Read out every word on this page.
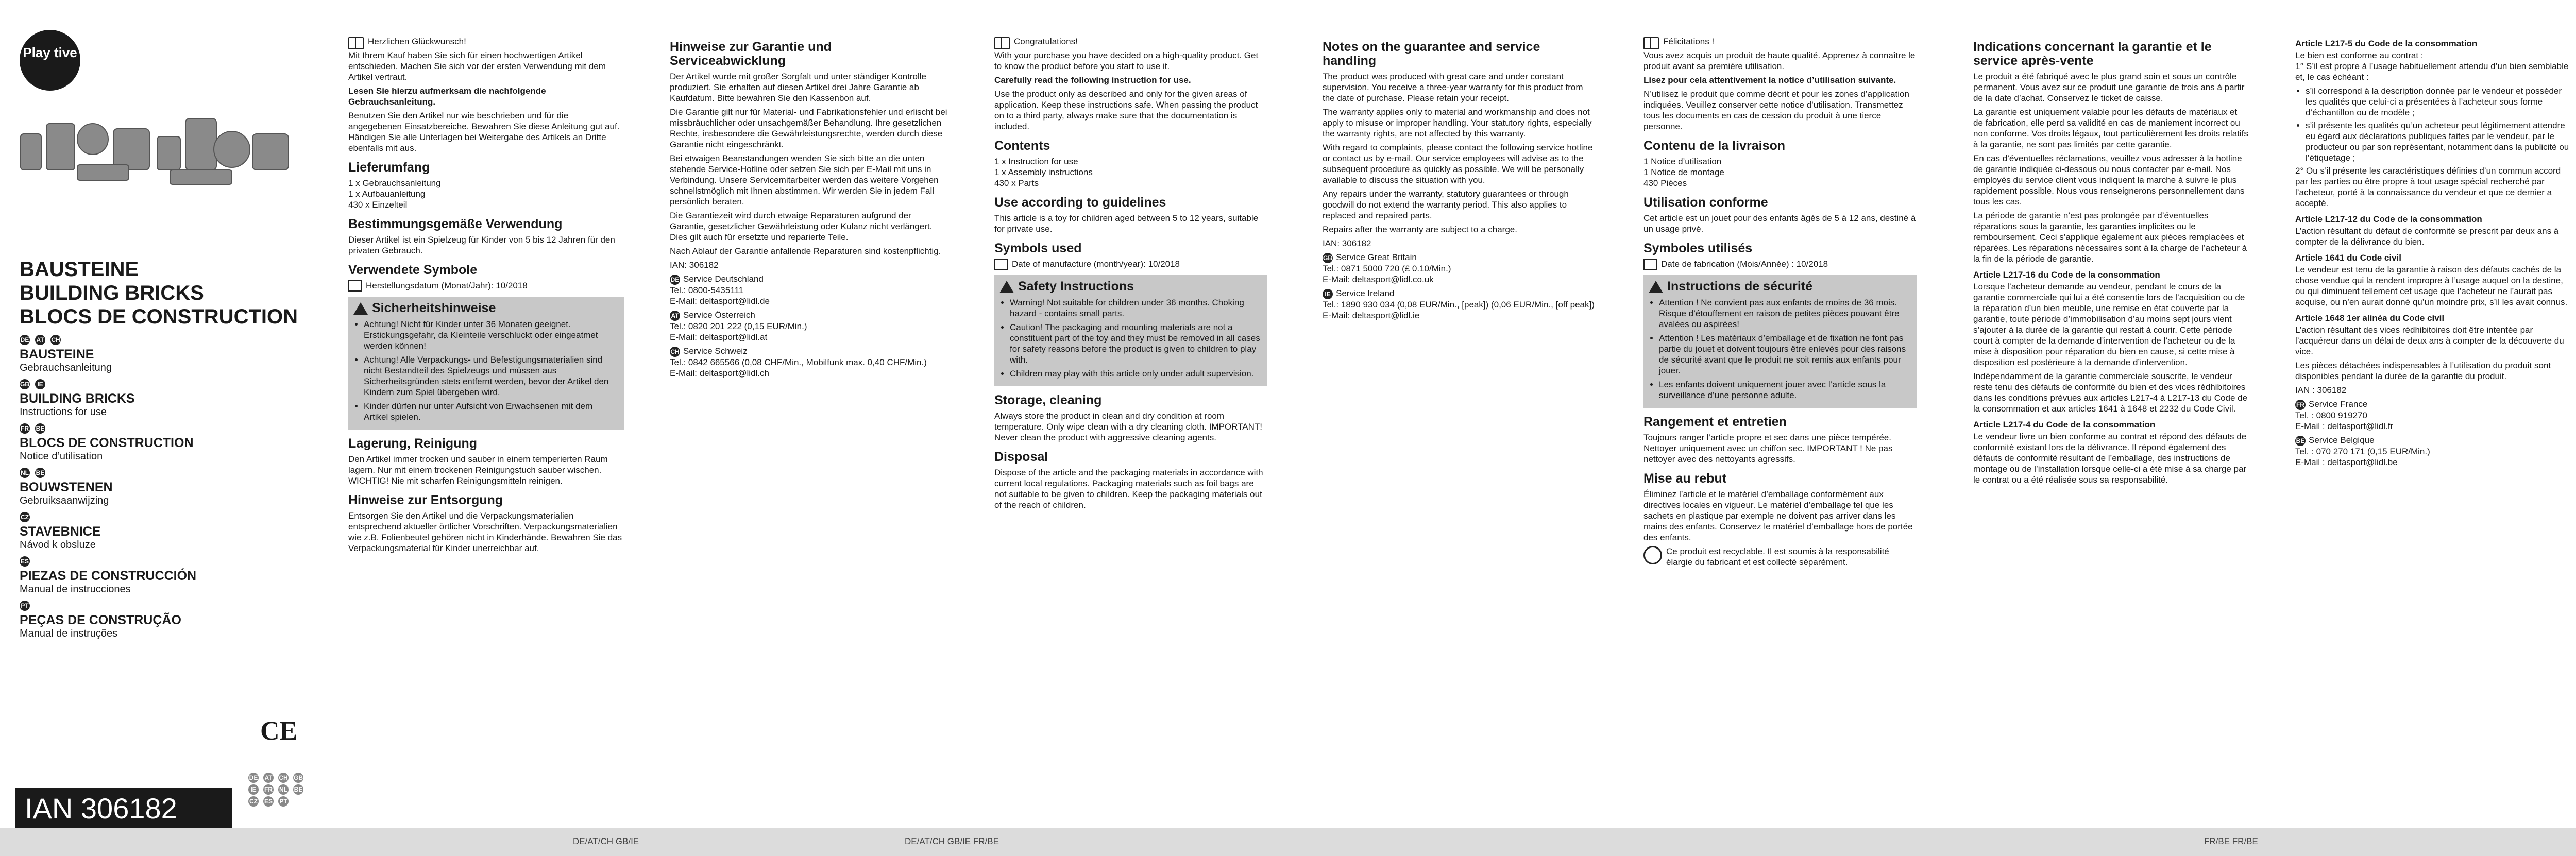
Play tive
BAUSTEINE
BUILDING BRICKS
BLOCS DE CONSTRUCTION
DE AT CH
BAUSTEINE
Gebrauchsanleitung
GB	IE
BUILDING BRICKS
Instructions for use
FR BE
BLOCS DE CONSTRUCTION
Notice d’utilisation
NL BE
BOUWSTENEN
Gebruiksaanwijzing
CZ
STAVEBNICE
Návod k obsluze
ES
PIEZAS DE CONSTRUCCIÓN
Manual de instrucciones
PT
PEÇAS DE CONSTRUÇÃO
Manual de instruções
CE
IAN 306182
DE AT CH GB
IE	FR NL BE
CZ ES PT
DE/AT/CH GB/IE	DE/AT/CH GB/IE FR/BE	FR/BE FR/BE

Herzlichen Glückwunsch!

Mit Ihrem Kauf haben Sie sich für einen hochwertigen Artikel entschieden. Machen Sie sich vor der ersten Verwendung mit dem Artikel vertraut.

Lesen Sie hierzu aufmerksam die nachfolgende Gebrauchsanleitung.

Benutzen Sie den Artikel nur wie beschrieben und für die angegebenen Einsatzbereiche. Bewahren Sie diese Anleitung gut auf. Händigen Sie alle Unterlagen bei Weitergabe des Artikels an Dritte ebenfalls mit aus.

Lieferumfang

1 x Gebrauchsanleitung

1 x Aufbauanleitung

430 x Einzelteil

Bestimmungsgemäße Verwendung

Dieser Artikel ist ein Spielzeug für Kinder von 5 bis 12 Jahren für den privaten Gebrauch.

Verwendete Symbole
Herstellungsdatum (Monat/Jahr): 10/2018
Sicherheitshinweise
• Achtung! Nicht für Kinder unter 36 Monaten geeignet. Erstickungsgefahr, da Kleinteile verschluckt oder eingeatmet werden können!
• Achtung! Alle Verpackungs- und Befestigungsmaterialien sind nicht Bestandteil des Spielzeugs und müssen aus Sicherheitsgründen stets entfernt werden, bevor der Artikel den Kindern zum Spiel übergeben wird.
• Kinder dürfen nur unter Aufsicht von Erwachsenen mit dem Artikel spielen.
Lagerung, Reinigung

Den Artikel immer trocken und sauber in einem temperierten Raum lagern. Nur mit einem trockenen Reinigungstuch sauber wischen. WICHTIG! Nie mit scharfen Reinigungsmitteln reinigen.

Hinweise zur Entsorgung

Entsorgen Sie den Artikel und die Verpackungsmaterialien entsprechend aktueller örtlicher Vorschriften. Verpackungsmaterialien wie z.B. Folienbeutel gehören nicht in Kinderhände. Bewahren Sie das Verpackungsmaterial für Kinder unerreichbar auf.

Hinweise zur Garantie und Serviceabwicklung

Der Artikel wurde mit großer Sorgfalt und unter ständiger Kontrolle produziert. Sie erhalten auf diesen Artikel drei Jahre Garantie ab Kaufdatum. Bitte bewahren Sie den Kassenbon auf.

Die Garantie gilt nur für Material- und Fabrikationsfehler und erlischt bei missbräuchlicher oder unsachgemäßer Behandlung. Ihre gesetzlichen Rechte, insbesondere die Gewährleistungsrechte, werden durch diese Garantie nicht eingeschränkt.

Bei etwaigen Beanstandungen wenden Sie sich bitte an die unten stehende Service-Hotline oder setzen Sie sich per E-Mail mit uns in Verbindung. Unsere Servicemitarbeiter werden das weitere Vorgehen schnellstmöglich mit Ihnen abstimmen. Wir werden Sie in jedem Fall persönlich beraten.

Die Garantiezeit wird durch etwaige Reparaturen aufgrund der Garantie, gesetzlicher Gewährleistung oder Kulanz nicht verlängert. Dies gilt auch für ersetzte und reparierte Teile.

Nach Ablauf der Garantie anfallende Reparaturen sind kostenpflichtig.

IAN: 306182

DE Service Deutschland
Tel.: 0800-5435111
E-Mail: deltasport@lidl.de
AT Service Österreich
Tel.: 0820 201 222 (0,15 EUR/Min.)
E-Mail: deltasport@lidl.at
CH Service Schweiz
Tel.: 0842 665566 (0,08 CHF/Min., Mobilfunk max. 0,40 CHF/Min.)
E-Mail: deltasport@lidl.ch

Congratulations!

With your purchase you have decided on a high-quality product. Get to know the product before you start to use it.

Carefully read the following instruction for use.

Use the product only as described and only for the given areas of application. Keep these instructions safe. When passing the product on to a third party, always make sure that the documentation is included.

Contents

1 x Instruction for use

1 x Assembly instructions

430 x Parts

Use according to guidelines

This article is a toy for children aged between 5 to 12 years, suitable for private use.

Symbols used
Date of manufacture (month/year): 10/2018
Safety Instructions
• Warning! Not suitable for children under 36 months. Choking hazard - contains small parts.
• Caution! The packaging and mounting materials are not a constituent part of the toy and they must be removed in all cases for safety reasons before the product is given to children to play with.
• Children may play with this article only under adult supervision.
Storage, cleaning

Always store the product in clean and dry condition at room temperature. Only wipe clean with a dry cleaning cloth. IMPORTANT! Never clean the product with aggressive cleaning agents.

Disposal

Dispose of the article and the packaging materials in accordance with current local regulations. Packaging materials such as foil bags are not suitable to be given to children. Keep the packaging materials out of the reach of children.

Notes on the guarantee and service handling

The product was produced with great care and under constant supervision. You receive a three-year warranty for this product from the date of purchase. Please retain your receipt.

The warranty applies only to material and workmanship and does not apply to misuse or improper handling. Your statutory rights, especially the warranty rights, are not affected by this warranty.

With regard to complaints, please contact the following service hotline or contact us by e-mail. Our service employees will advise as to the subsequent procedure as quickly as possible. We will be personally available to discuss the situation with you.

Any repairs under the warranty, statutory guarantees or through goodwill do not extend the warranty period. This also applies to replaced and repaired parts.

Repairs after the warranty are subject to a charge.

IAN: 306182

GB Service Great Britain
Tel.: 0871 5000 720 (£ 0.10/Min.)
E-Mail: deltasport@lidl.co.uk
IE Service Ireland
Tel.: 1890 930 034 (0,08 EUR/Min., [peak]) (0,06 EUR/Min., [off peak])
E-Mail: deltasport@lidl.ie

Félicitations !

Vous avez acquis un produit de haute qualité. Apprenez à connaître le produit avant sa première utilisation.

Lisez pour cela attentivement la notice d’utilisation suivante.

N’utilisez le produit que comme décrit et pour les zones d’application indiquées. Veuillez conserver cette notice d’utilisation. Transmettez tous les documents en cas de cession du produit à une tierce personne.

Contenu de la livraison

1 Notice d’utilisation

1 Notice de montage

430 Pièces

Utilisation conforme

Cet article est un jouet pour des enfants âgés de 5 à 12 ans, destiné à un usage privé.

Symboles utilisés
Date de fabrication (Mois/Année) : 10/2018
Instructions de sécurité
• Attention ! Ne convient pas aux enfants de moins de 36 mois. Risque d’étouffement en raison de petites pièces pouvant être avalées ou aspirées!
• Attention ! Les matériaux d’emballage et de fixation ne font pas partie du jouet et doivent toujours être enlevés pour des raisons de sécurité avant que le produit ne soit remis aux enfants pour jouer.
• Les enfants doivent uniquement jouer avec l’article sous la surveillance d’une personne adulte.
Rangement et entretien

Toujours ranger l’article propre et sec dans une pièce tempérée. Nettoyer uniquement avec un chiffon sec. IMPORTANT ! Ne pas nettoyer avec des nettoyants agressifs.

Mise au rebut

Éliminez l’article et le matériel d’emballage conformément aux directives locales en vigueur. Le matériel d’emballage tel que les sachets en plastique par exemple ne doivent pas arriver dans les mains des enfants. Conservez le matériel d’emballage hors de portée des enfants.

Ce produit est recyclable. Il est soumis à la responsabilité élargie du fabricant et est collecté séparément.

Indications concernant la garantie et le service après-vente

Le produit a été fabriqué avec le plus grand soin et sous un contrôle permanent. Vous avez sur ce produit une garantie de trois ans à partir de la date d’achat. Conservez le ticket de caisse.

La garantie est uniquement valable pour les défauts de matériaux et de fabrication, elle perd sa validité en cas de maniement incorrect ou non conforme. Vos droits légaux, tout particulièrement les droits relatifs à la garantie, ne sont pas limités par cette garantie.

En cas d’éventuelles réclamations, veuillez vous adresser à la hotline de garantie indiquée ci-dessous ou nous contacter par e-mail. Nos employés du service client vous indiquent la marche à suivre le plus rapidement possible. Nous vous renseignerons personnellement dans tous les cas.

La période de garantie n’est pas prolongée par d’éventuelles réparations sous la garantie, les garanties implicites ou le remboursement. Ceci s’applique également aux pièces remplacées et réparées. Les réparations nécessaires sont à la charge de l’acheteur à la fin de la période de garantie.

Article L217-16 du Code de la consommation

Lorsque l’acheteur demande au vendeur, pendant le cours de la garantie commerciale qui lui a été consentie lors de l’acquisition ou de la réparation d’un bien meuble, une remise en état couverte par la garantie, toute période d’immobilisation d’au moins sept jours vient s’ajouter à la durée de la garantie qui restait à courir. Cette période court à compter de la demande d’intervention de l’acheteur ou de la mise à disposition pour réparation du bien en cause, si cette mise à disposition est postérieure à la demande d’intervention.

Indépendamment de la garantie commerciale souscrite, le vendeur reste tenu des défauts de conformité du bien et des vices rédhibitoires dans les conditions prévues aux articles L217-4 à L217-13 du Code de la consommation et aux articles 1641 à 1648 et 2232 du Code Civil.

Article L217-4 du Code de la consommation

Le vendeur livre un bien conforme au contrat et répond des défauts de conformité existant lors de la délivrance. Il répond également des défauts de conformité résultant de l’emballage, des instructions de montage ou de l’installation lorsque celle-ci a été mise à sa charge par le contrat ou a été réalisée sous sa responsabilité.

Article L217-5 du Code de la consommation

Le bien est conforme au contrat :

1° S’il est propre à l’usage habituellement attendu d’un bien semblable et, le cas échéant :

• s’il correspond à la description donnée par le vendeur et posséder les qualités que celui-ci a présentées à l’acheteur sous forme d’échantillon ou de modèle ;
• s’il présente les qualités qu’un acheteur peut légitimement attendre eu égard aux déclarations publiques faites par le vendeur, par le producteur ou par son représentant, notamment dans la publicité ou l’étiquetage ;

2° Ou s’il présente les caractéristiques définies d’un commun accord par les parties ou être propre à tout usage spécial recherché par l’acheteur, porté à la connaissance du vendeur et que ce dernier a accepté.

Article L217-12 du Code de la consommation

L’action résultant du défaut de conformité se prescrit par deux ans à compter de la délivrance du bien.

Article 1641 du Code civil

Le vendeur est tenu de la garantie à raison des défauts cachés de la chose vendue qui la rendent impropre à l’usage auquel on la destine, ou qui diminuent tellement cet usage que l’acheteur ne l’aurait pas acquise, ou n’en aurait donné qu’un moindre prix, s’il les avait connus.

Article 1648 1er alinéa du Code civil

L’action résultant des vices rédhibitoires doit être intentée par l’acquéreur dans un délai de deux ans à compter de la découverte du vice.

Les pièces détachées indispensables à l’utilisation du produit sont disponibles pendant la durée de la garantie du produit.

IAN : 306182

FR Service France
Tel. : 0800 919270
E-Mail : deltasport@lidl.fr
BE Service Belgique
Tel. : 070 270 171 (0,15 EUR/Min.)
E-Mail : deltasport@lidl.be
